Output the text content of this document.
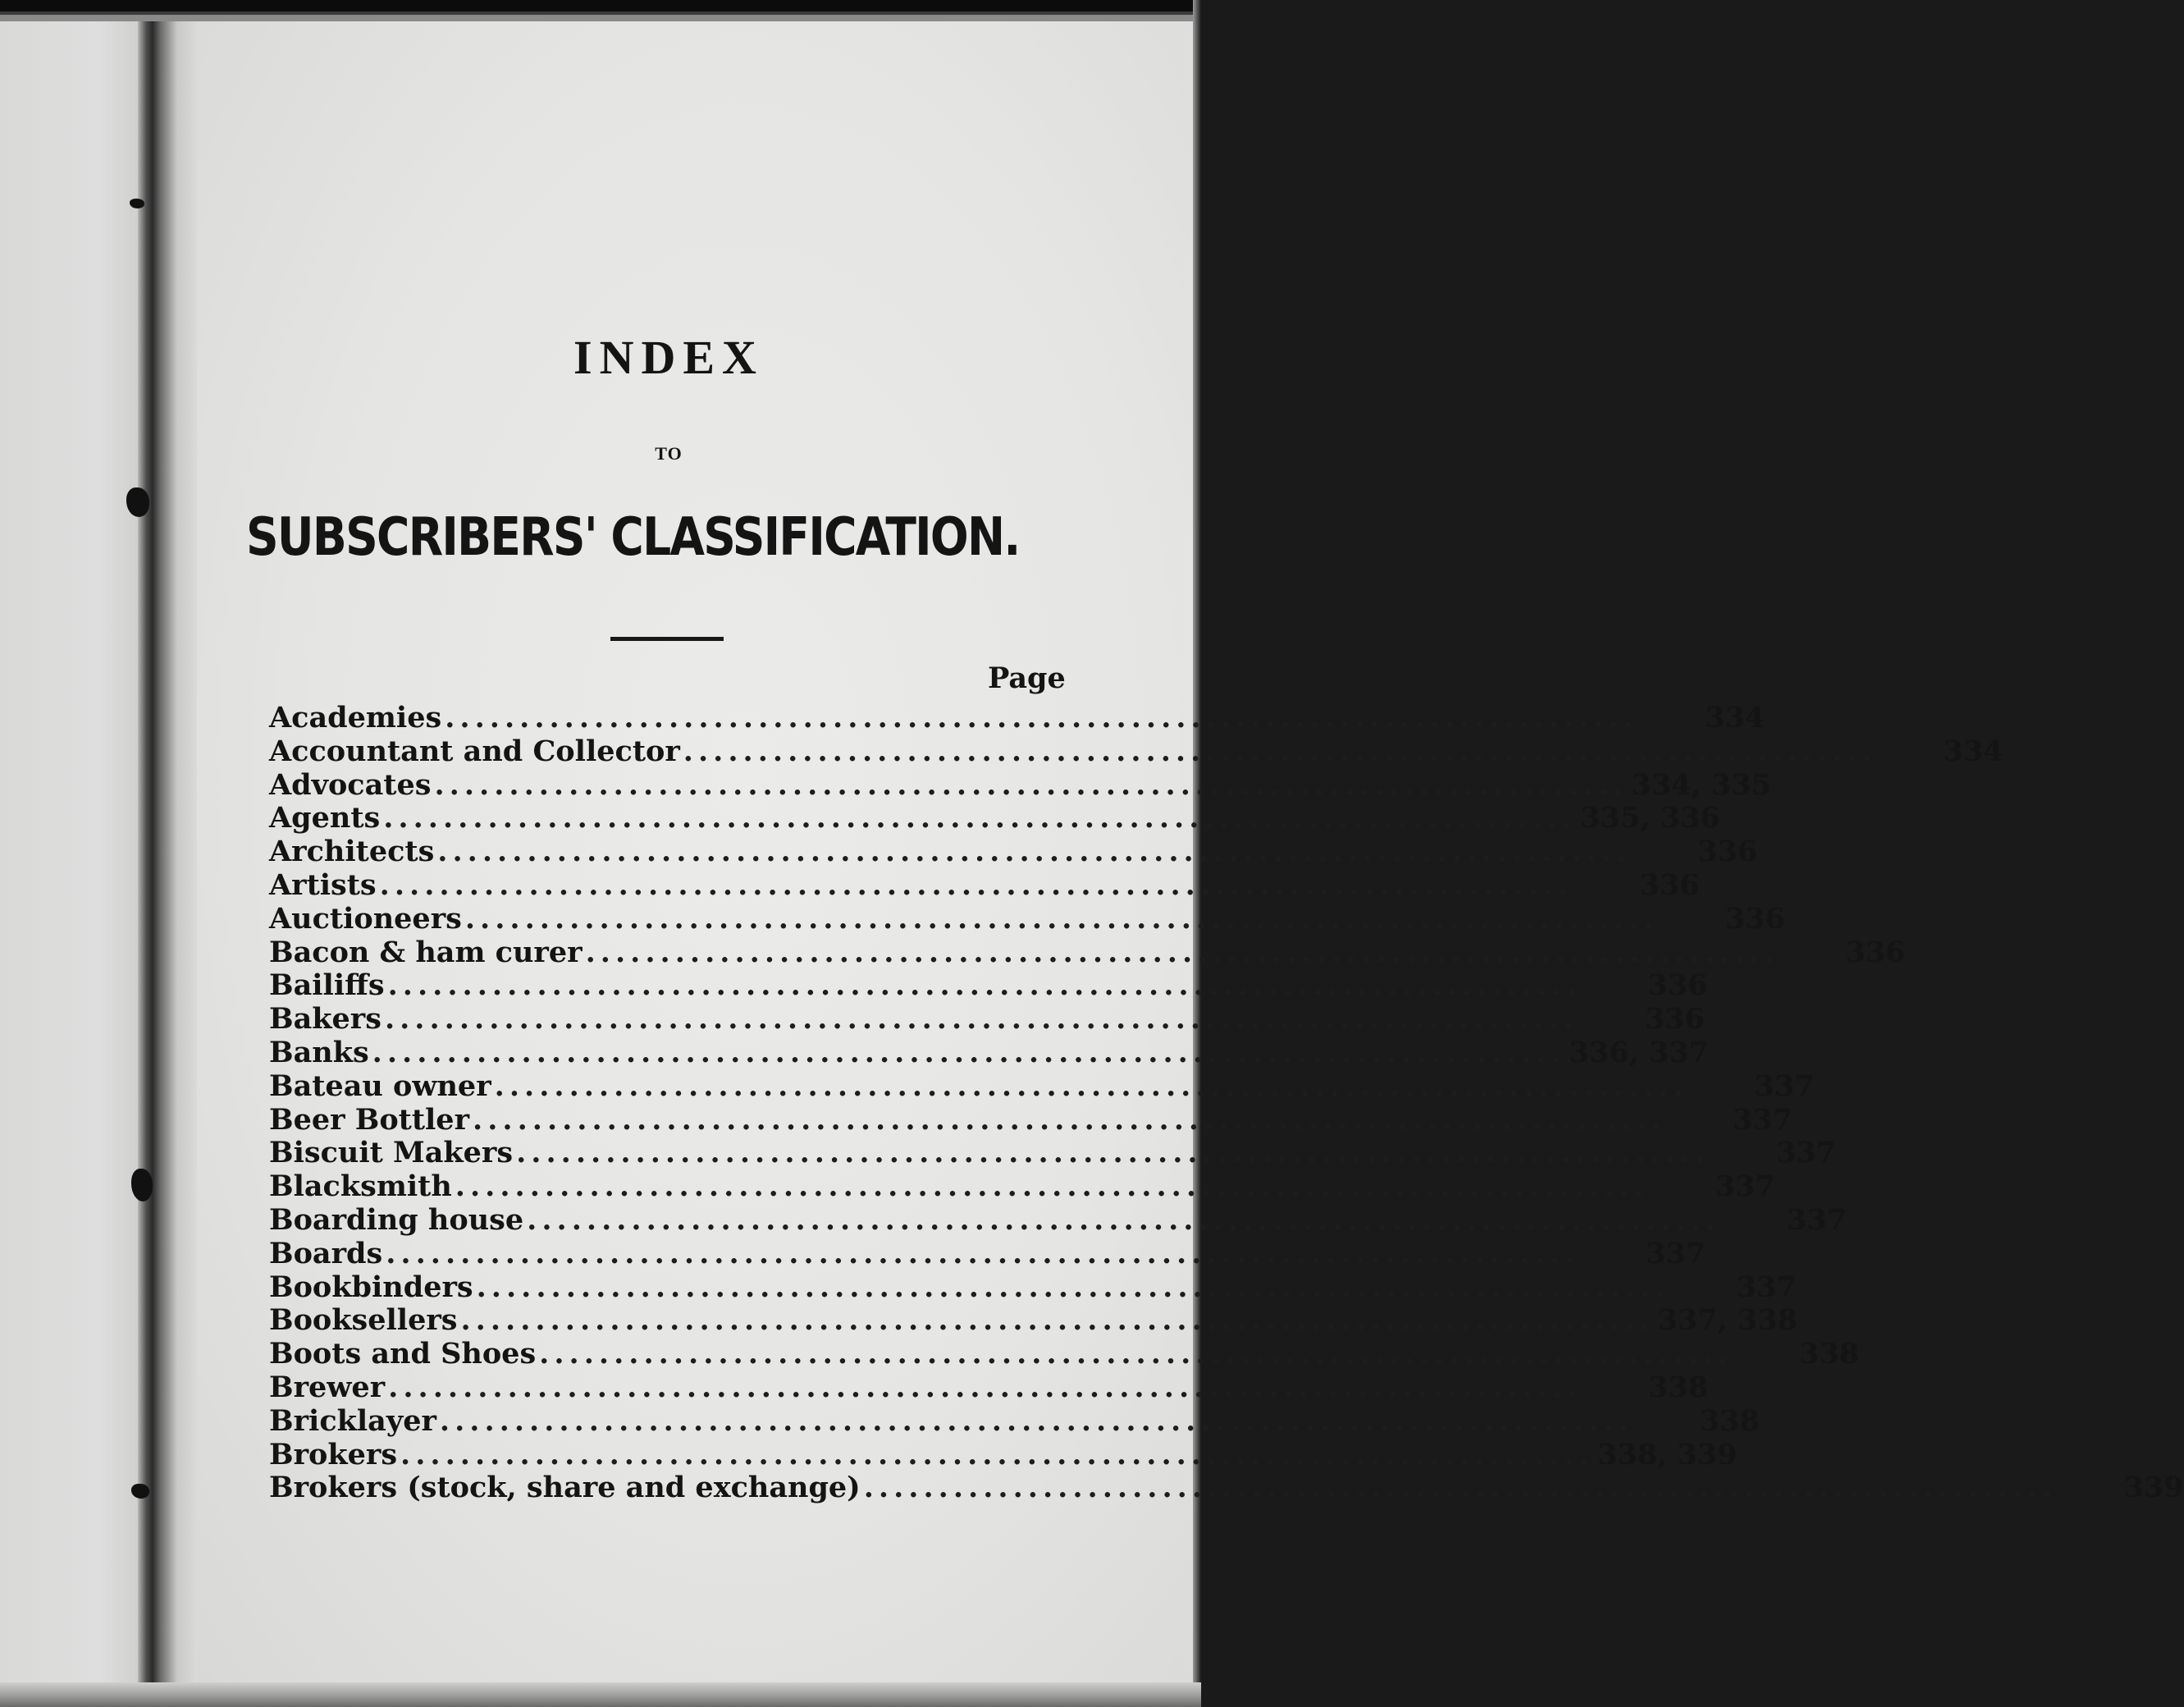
INDEX
TO
SUBSCRIBERS' CLASSIFICATION.
Page
Academies ................................................................................	334
Accountant and Collector ................................................................................	334
Advocates ................................................................................ 334, 335
Agents ................................................................................ 335, 336
Architects ................................................................................	336
Artists ................................................................................	336
Auctioneers ................................................................................	336
Bacon & ham curer ................................................................................	336
Bailiffs ................................................................................	336
Bakers ................................................................................	336
Banks ................................................................................ 336, 337
Bateau owner ................................................................................	337
Beer Bottler ................................................................................	337
Biscuit Makers ................................................................................	337
Blacksmith ................................................................................	337
Boarding house ................................................................................	337
Boards ................................................................................	337
Bookbinders ................................................................................	337
Booksellers ................................................................................ 337, 338
Boots and Shoes ................................................................................	338
Brewer ................................................................................	338
Bricklayer ................................................................................	338
Brokers ................................................................................ 338, 339
Brokers (stock, share and exchange) ................................................................................	339
